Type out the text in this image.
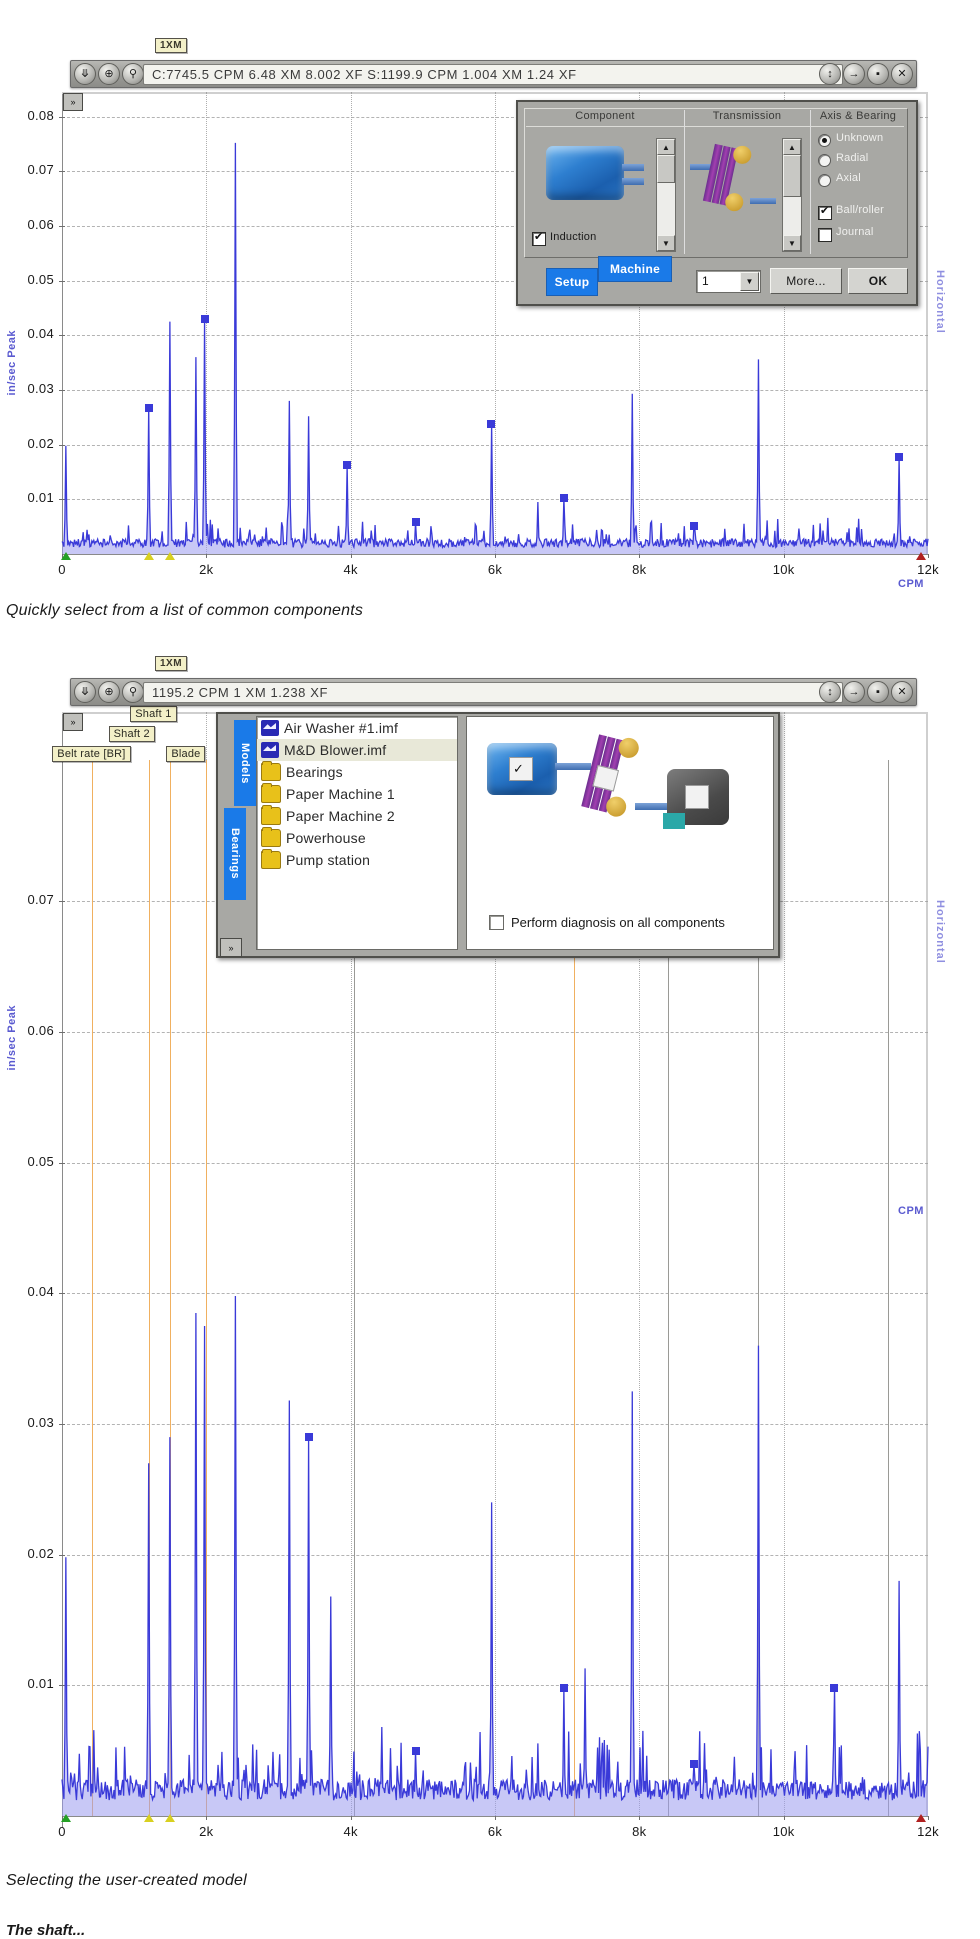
»
in/sec Peak
Horizontal
CPM
0.08
0.07
0.06
0.05
0.04
0.03
0.02
0.01
0	2k	4k	6k	8k	10k	12k
1XM
⤋	⊕	⚲	C:7745.5 CPM 6.48 XM 8.002 XF S:1199.9 CPM 1.004 XM 1.24 XF	↕	→	▪	✕
Component	Transmission	Axis & Bearing
▲
▼
✔
Induction
▲
▼
Unknown
Radial
Axial
✔
Ball/roller
Journal
Setup
Machine
1	▼	More...	OK
Quickly select from a list of common components
»
in/sec Peak
Horizontal
CPM
0.07
0.06
0.05
0.04
0.03
0.02
0.01
0	2k	4k	6k	8k	10k	12k
Belt rate [BR]
Shaft 2
Shaft 1
Blade
1XM
⤋	⊕	⚲	1195.2 CPM 1 XM 1.238 XF	↕	→	▪	✕
Models
Bearings
Air Washer #1.imf
M&D Blower.imf
Bearings
Paper Machine 1
Paper Machine 2
Powerhouse
Pump station
✓
Perform diagnosis on all components
»
Selecting the user-created model
The shaft...
